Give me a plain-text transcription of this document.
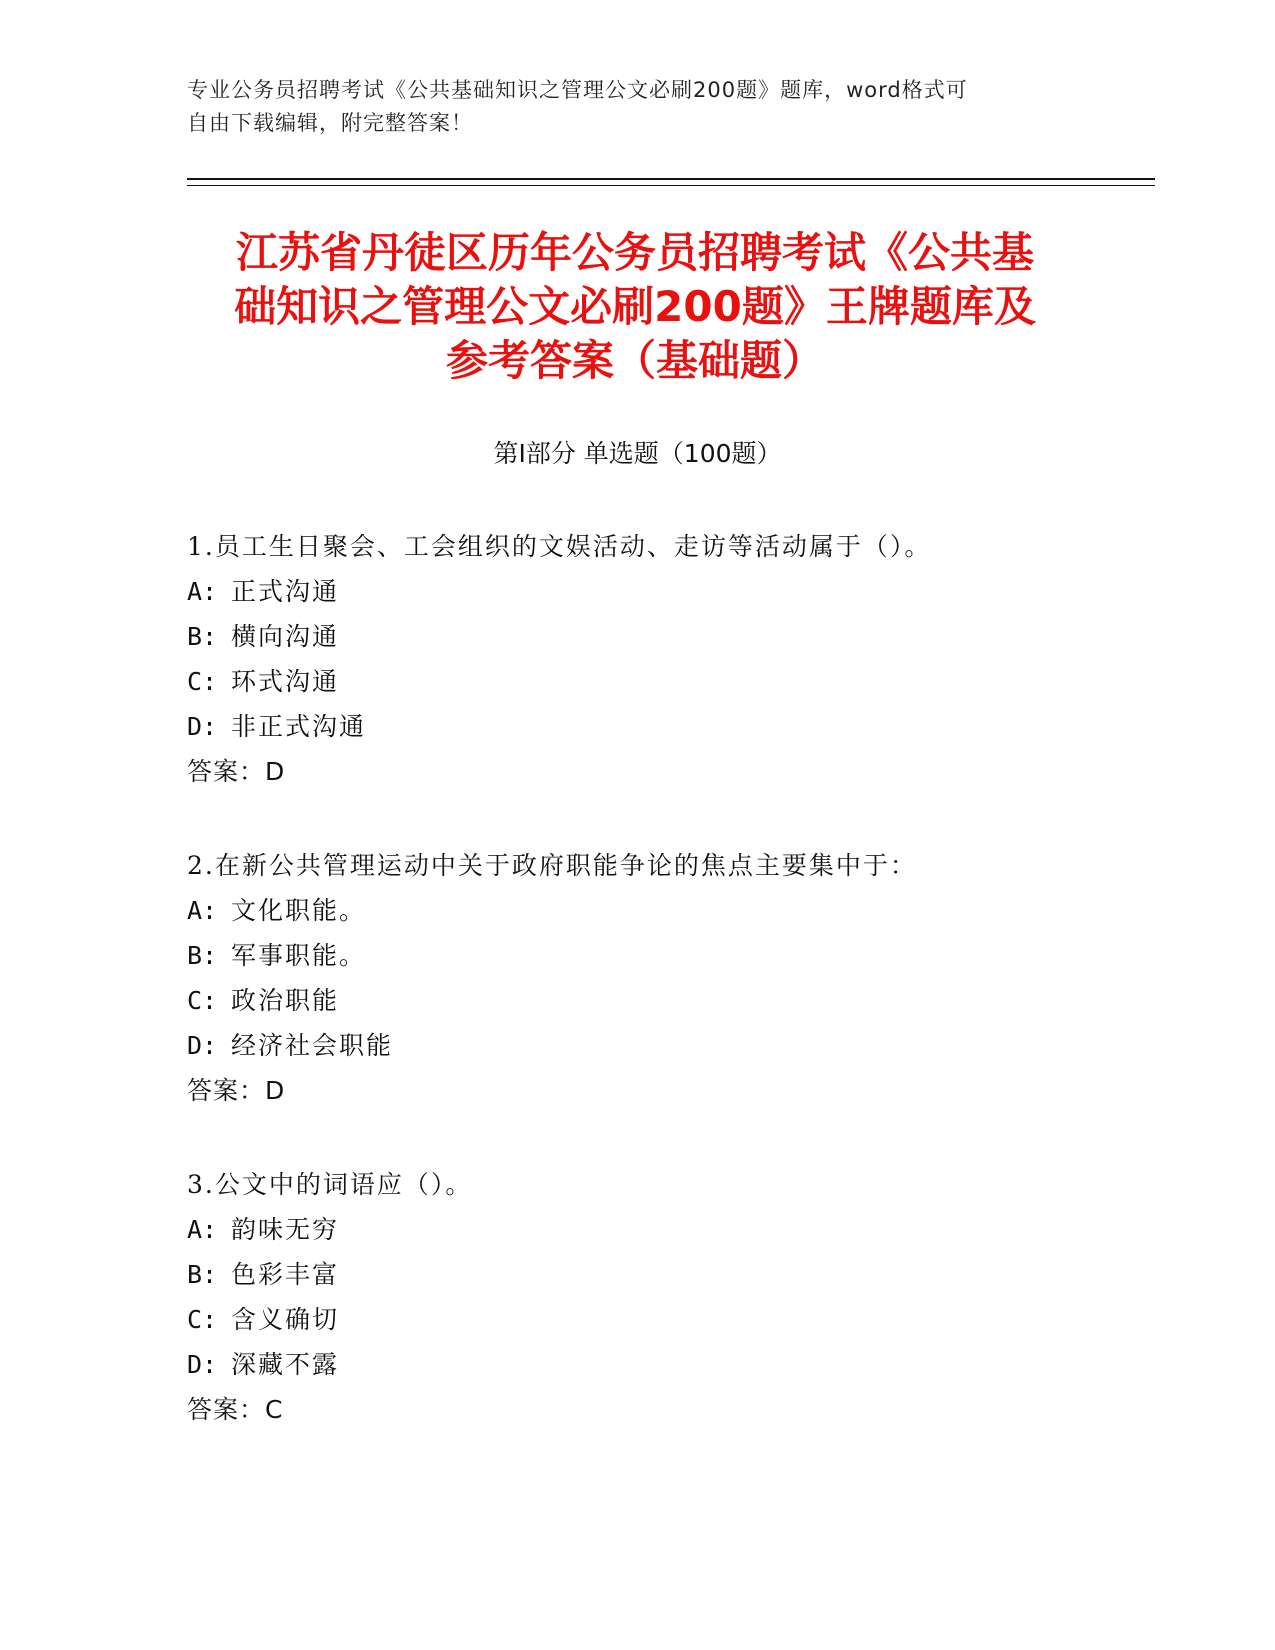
专业公务员招聘考试《公共基础知识之管理公文必刷200题》题库，word格式可
自由下载编辑，附完整答案！
江苏省丹徒区历年公务员招聘考试《公共基
础知识之管理公文必刷200题》王牌题库及
参考答案（基础题）
第Ⅰ部分 单选题（100题）
1.员工生日聚会、工会组织的文娱活动、走访等活动属于（）。
A: 正式沟通
B: 横向沟通
C: 环式沟通
D: 非正式沟通
答案：D
2.在新公共管理运动中关于政府职能争论的焦点主要集中于：
A: 文化职能。
B: 军事职能。
C: 政治职能
D: 经济社会职能
答案：D
3.公文中的词语应（）。
A: 韵味无穷
B: 色彩丰富
C: 含义确切
D: 深藏不露
答案：C
